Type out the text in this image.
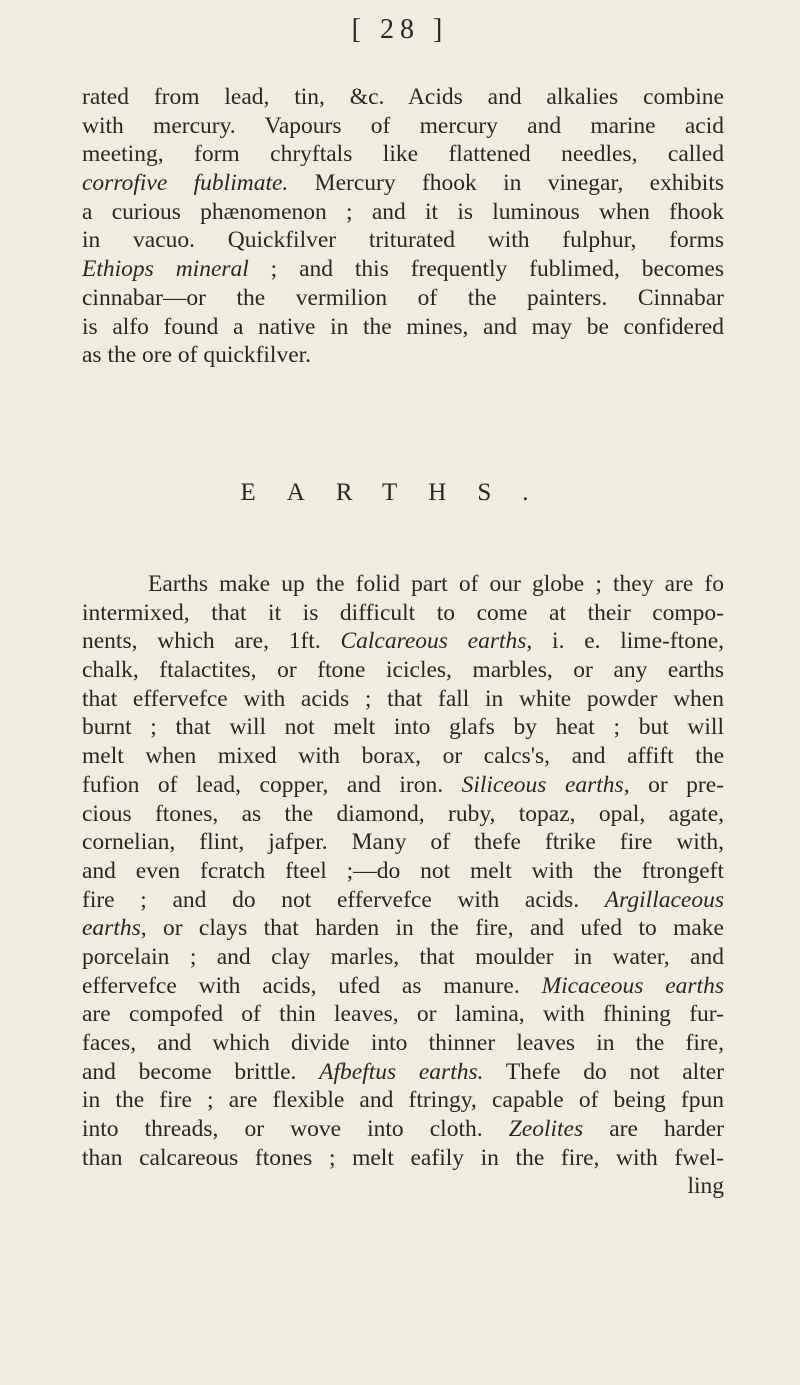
[ 28 ]
rated from lead, tin, &c. Acids and alkalies combine
with mercury. Vapours of mercury and marine acid
meeting, form chryftals like flattened needles, called
corrofive fublimate. Mercury fhook in vinegar, exhibits
a curious phænomenon ; and it is luminous when fhook
in vacuo. Quickfilver triturated with fulphur, forms
Ethiops mineral ; and this frequently fublimed, becomes
cinnabar—or the vermilion of the painters. Cinnabar
is alfo found a native in the mines, and may be confidered
as the ore of quickfilver.
EARTHS.
Earths make up the folid part of our globe ; they are fo
intermixed, that it is difficult to come at their compo-
nents, which are, 1ft. Calcareous earths, i. e. lime-ftone,
chalk, ftalactites, or ftone icicles, marbles, or any earths
that effervefce with acids ; that fall in white powder when
burnt ; that will not melt into glafs by heat ; but will
melt when mixed with borax, or calcs's, and affift the
fufion of lead, copper, and iron. Siliceous earths, or pre-
cious ftones, as the diamond, ruby, topaz, opal, agate,
cornelian, flint, jafper. Many of thefe ftrike fire with,
and even fcratch fteel ;—do not melt with the ftrongeft
fire ; and do not effervefce with acids. Argillaceous
earths, or clays that harden in the fire, and ufed to make
porcelain ; and clay marles, that moulder in water, and
effervefce with acids, ufed as manure. Micaceous earths
are compofed of thin leaves, or lamina, with fhining fur-
faces, and which divide into thinner leaves in the fire,
and become brittle. Afbeftus earths. Thefe do not alter
in the fire ; are flexible and ftringy, capable of being fpun
into threads, or wove into cloth. Zeolites are harder
than calcareous ftones ; melt eafily in the fire, with fwel-
ling
